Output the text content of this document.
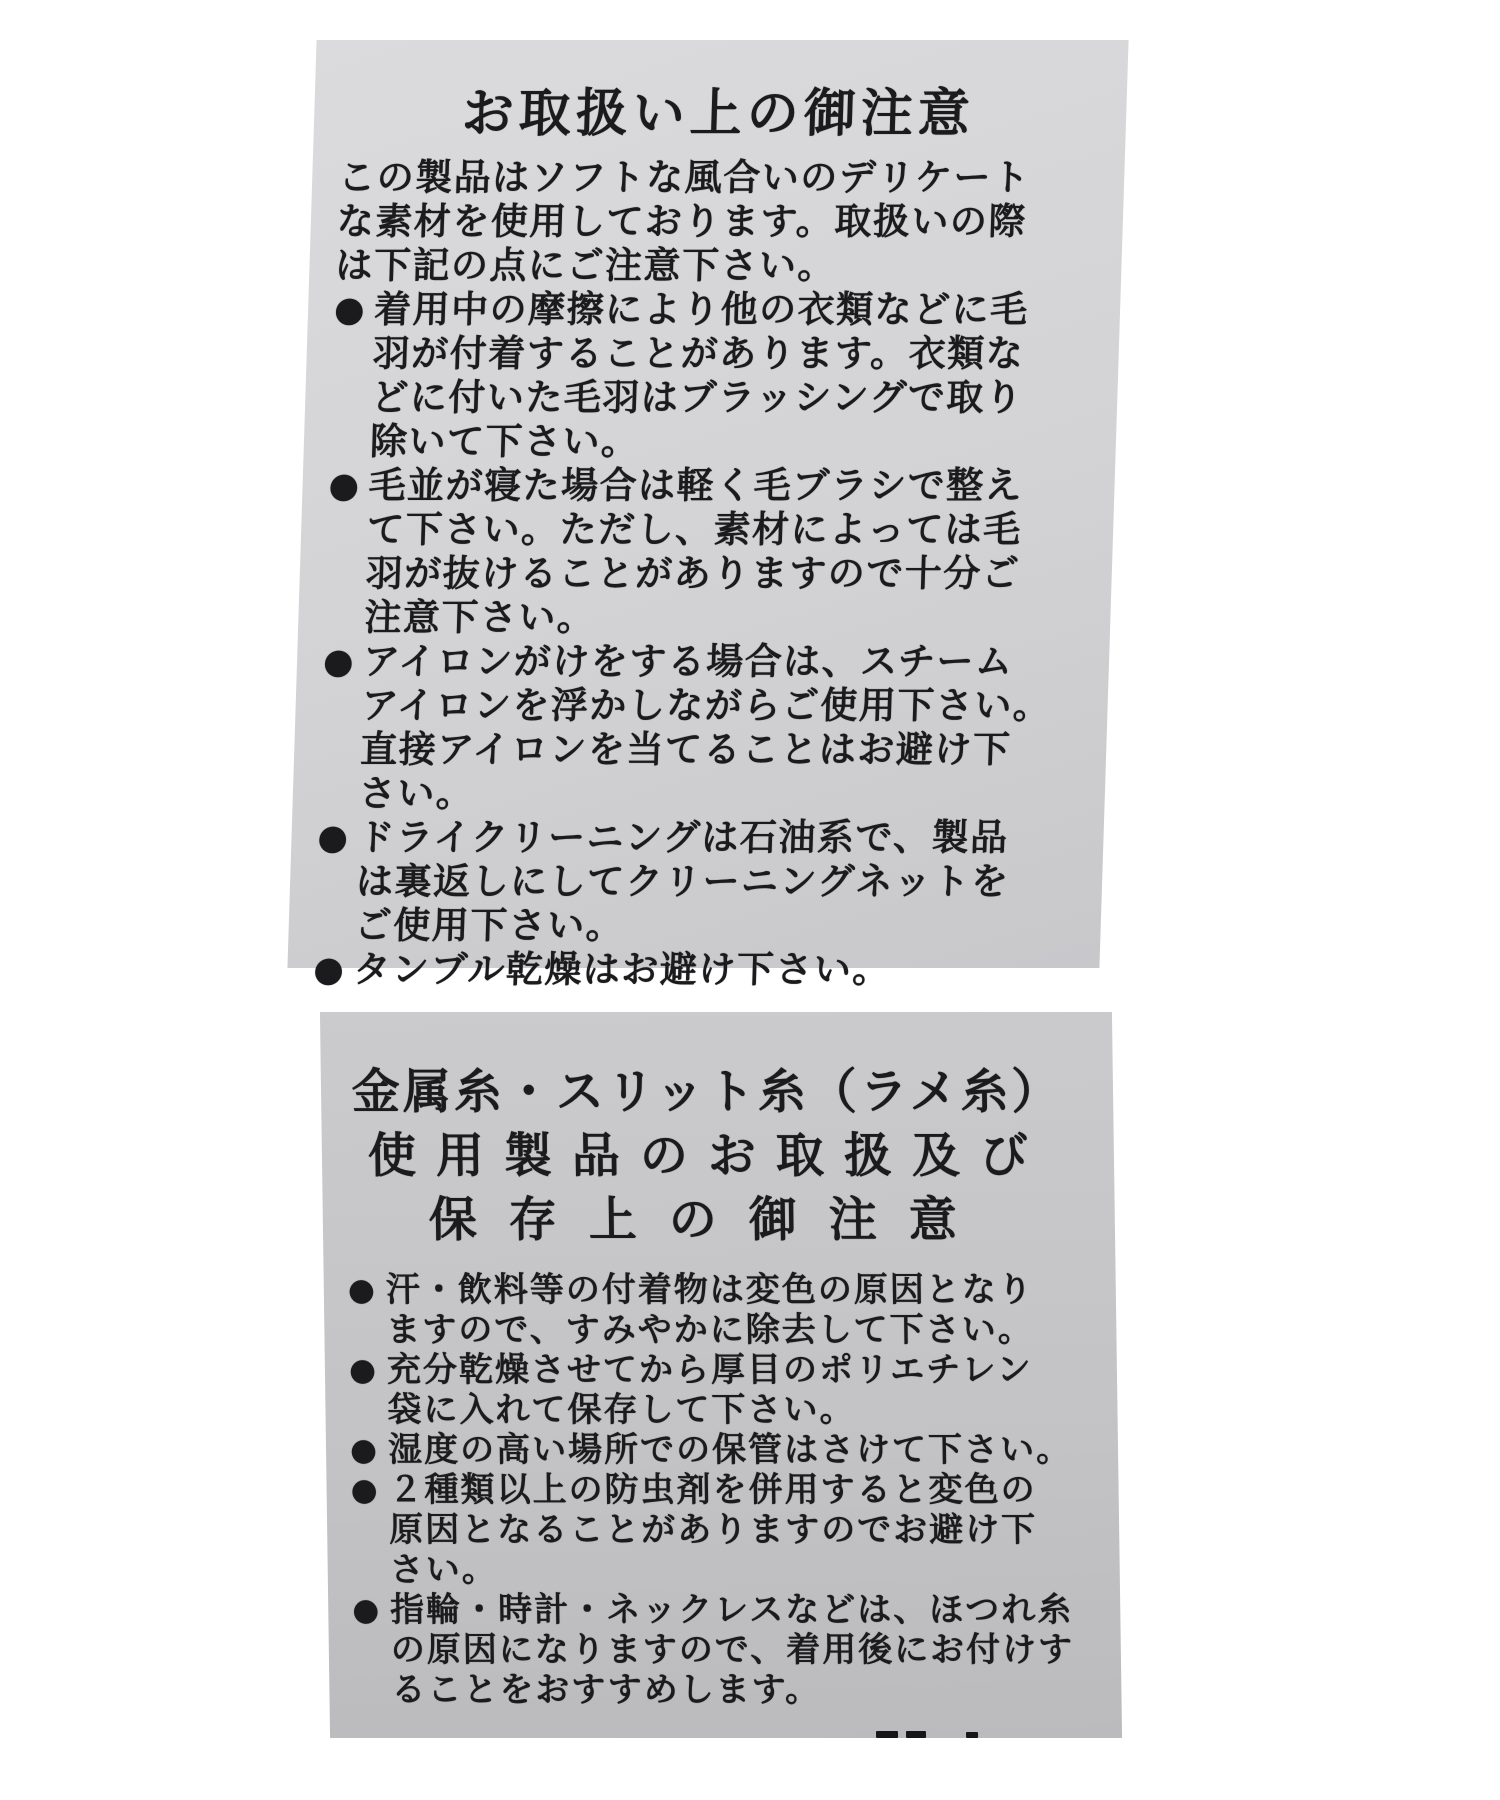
お取扱い上の御注意

この製品はソフトな風合いのデリケート
な素材を使用しております。取扱いの際
は下記の点にご注意下さい。

● 着用中の摩擦により他の衣類などに毛
羽が付着することがあります。衣類な
どに付いた毛羽はブラッシングで取り
除いて下さい。
● 毛並が寝た場合は軽く毛ブラシで整え
て下さい。ただし、素材によっては毛
羽が抜けることがありますので十分ご
注意下さい。
● アイロンがけをする場合は、スチーム
アイロンを浮かしながらご使用下さい。
直接アイロンを当てることはお避け下
さい。
● ドライクリーニングは石油系で、製品
は裏返しにしてクリーニングネットを
ご使用下さい。
● タンブル乾燥はお避け下さい。
金属糸・スリット糸（ラメ糸）
使用製品のお取扱及び
保存上の御注意
● 汗・飲料等の付着物は変色の原因となり
ますので、すみやかに除去して下さい。
● 充分乾燥させてから厚目のポリエチレン
袋に入れて保存して下さい。
● 湿度の高い場所での保管はさけて下さい。
● ２種類以上の防虫剤を併用すると変色の
原因となることがありますのでお避け下
さい。
● 指輪・時計・ネックレスなどは、ほつれ糸
の原因になりますので、着用後にお付けす
ることをおすすめします。
